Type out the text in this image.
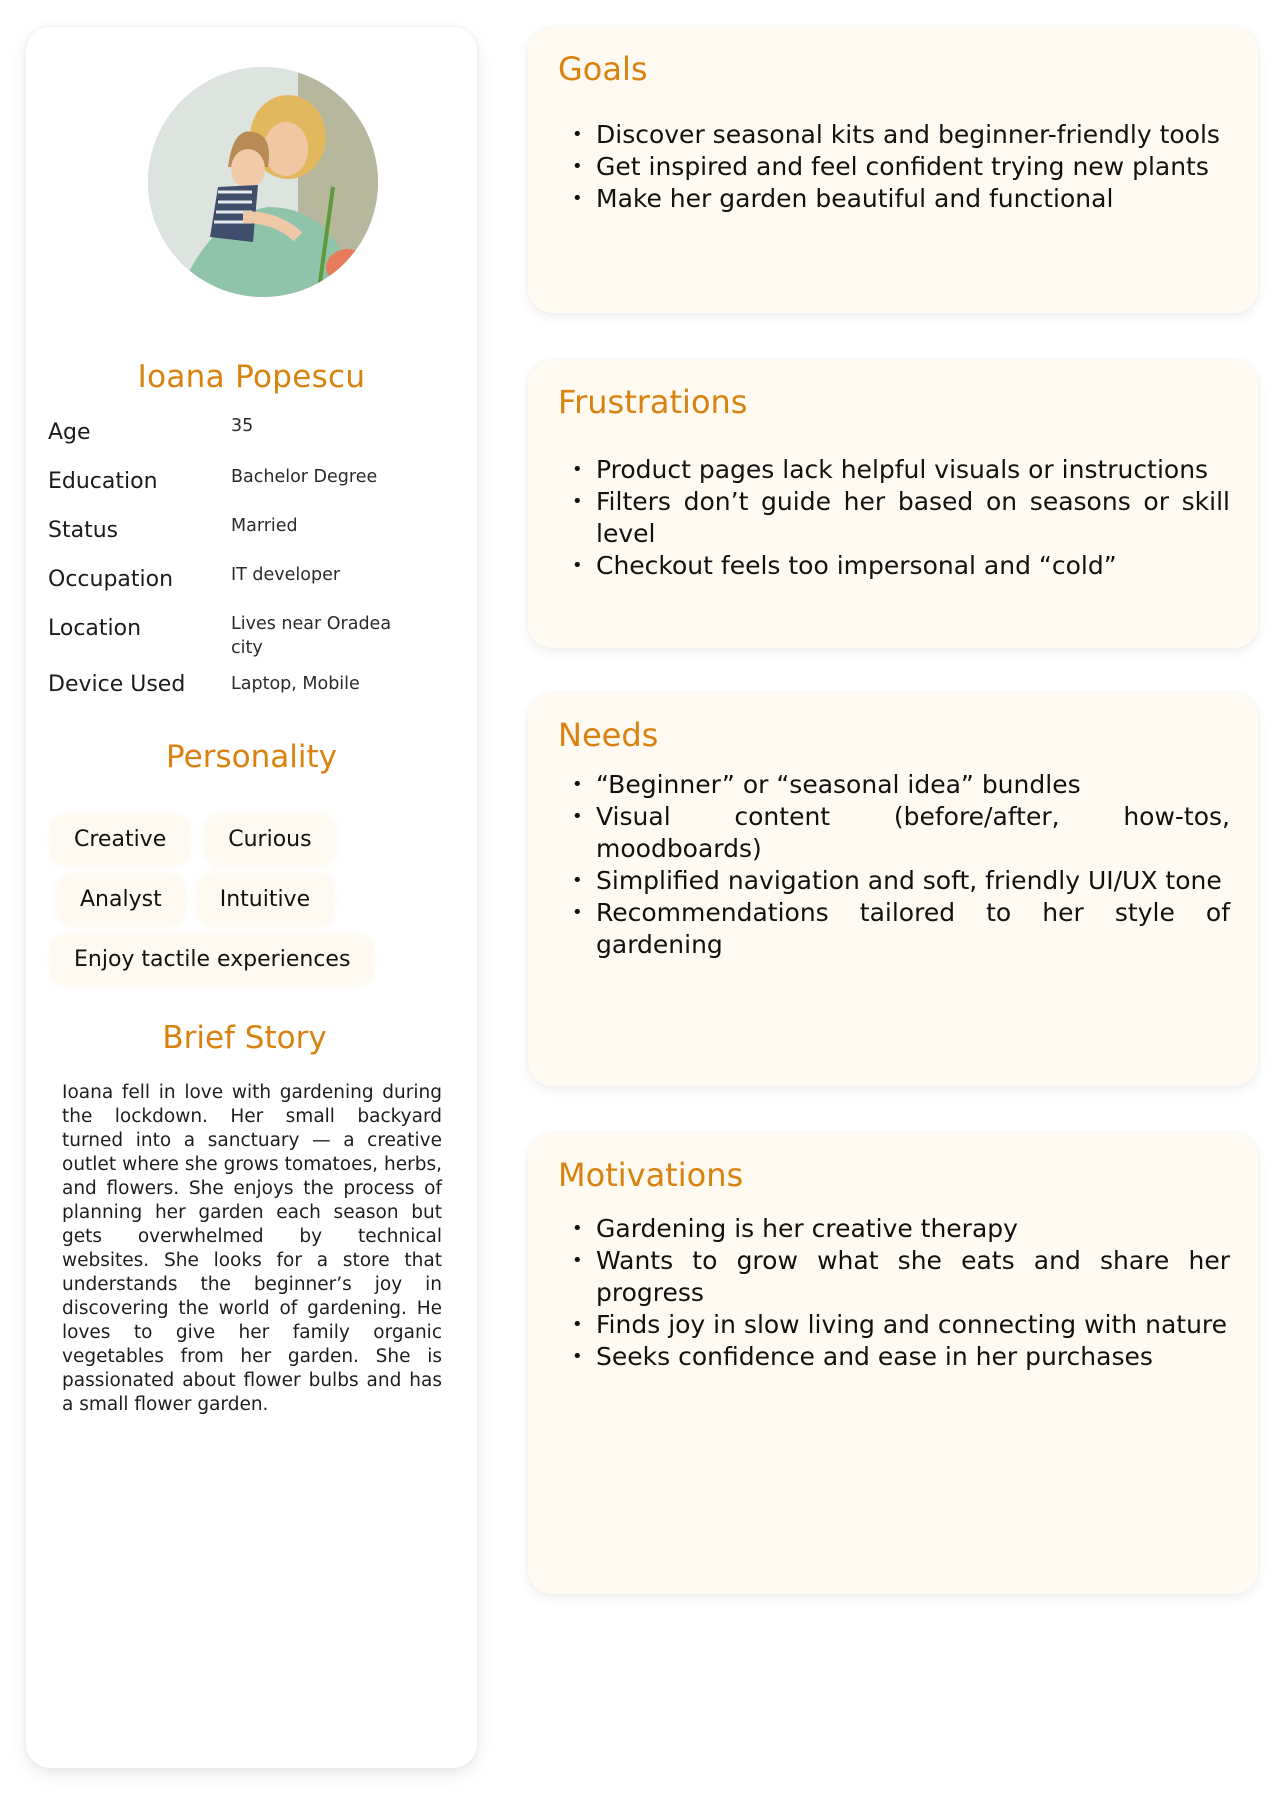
Ioana Popescu
Age	35
Education	Bachelor Degree
Status	Married
Occupation	IT developer
Location	Lives near Oradea city
Device Used	Laptop, Mobile
Personality
Creative	Curious
Analyst	Intuitive
Enjoy tactile experiences
Brief Story

Ioana fell in love with gardening during the lockdown. Her small backyard turned into a sanctuary — a creative outlet where she grows tomatoes, herbs, and flowers. She enjoys the process of planning her garden each season but gets overwhelmed by technical websites. She looks for a store that understands the beginner’s joy in discovering the world of gardening. He loves to give her family organic vegetables from her garden. She is passionated about flower bulbs and has a small flower garden.

Goals
• Discover seasonal kits and beginner-friendly tools
• Get inspired and feel confident trying new plants
• Make her garden beautiful and functional
Frustrations
• Product pages lack helpful visuals or instructions
• Filters don’t guide her based on seasons or skill level
• Checkout feels too impersonal and “cold”
Needs
• “Beginner” or “seasonal idea” bundles
• Visual content (before/after, how-tos, moodboards)
• Simplified navigation and soft, friendly UI/UX tone
• Recommendations tailored to her style of gardening
Motivations
• Gardening is her creative therapy
• Wants to grow what she eats and share her progress
• Finds joy in slow living and connecting with nature
• Seeks confidence and ease in her purchases
